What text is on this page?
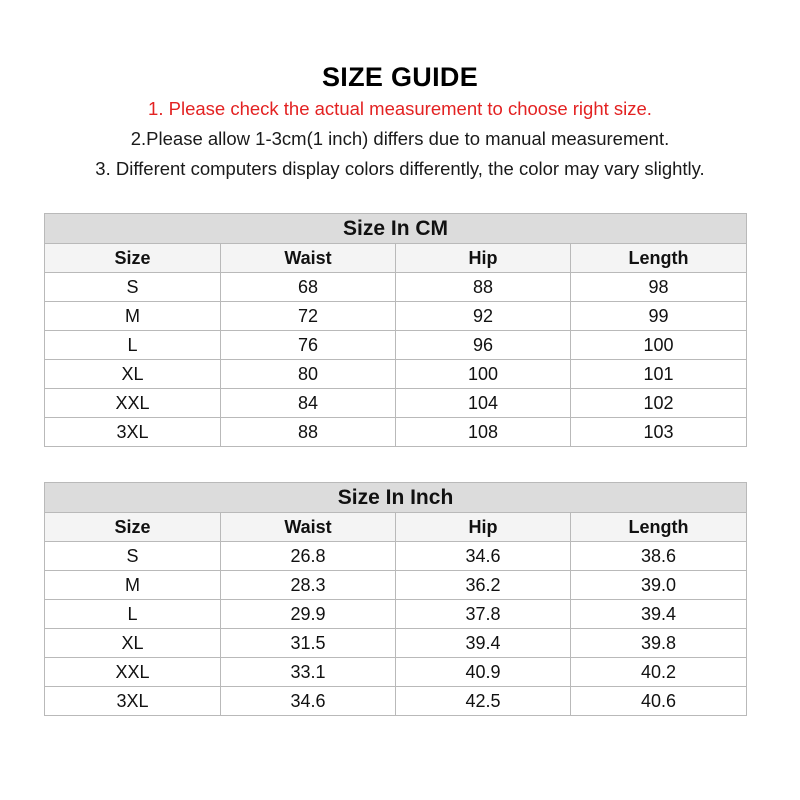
SIZE GUIDE
1. Please check the actual measurement to choose right size.
2.Please allow 1-3cm(1 inch) differs due to manual measurement.
3. Different computers display colors differently, the color may vary slightly.
Size In CM			
Size	Waist	Hip	Length
S	68	88	98
M	72	92	99
L	76	96	100
XL	80	100	101
XXL	84	104	102
3XL	88	108	103
Size In Inch			
Size	Waist	Hip	Length
S	26.8	34.6	38.6
M	28.3	36.2	39.0
L	29.9	37.8	39.4
XL	31.5	39.4	39.8
XXL	33.1	40.9	40.2
3XL	34.6	42.5	40.6
